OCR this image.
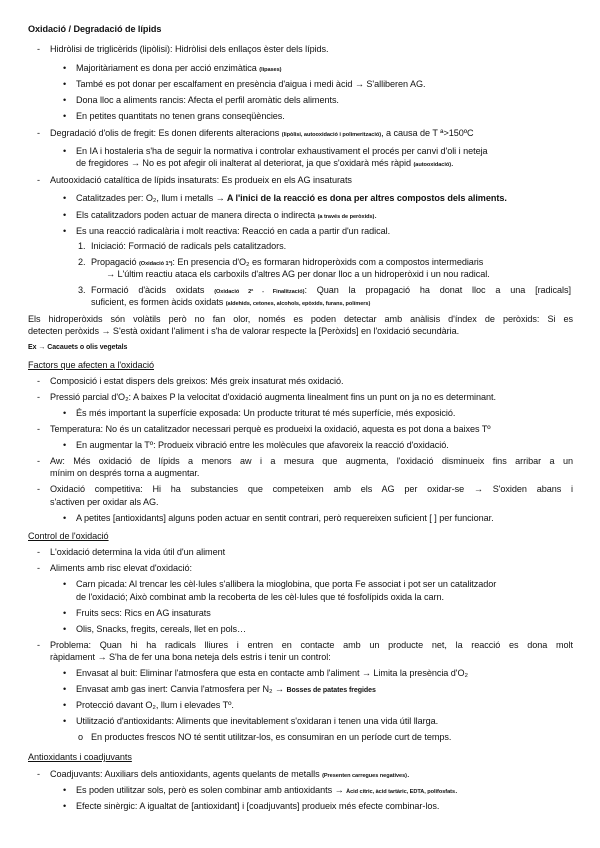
Oxidació / Degradació de lípids
- Hidròlisi de triglicèrids (lipòlisi): Hidròlisi dels enllaços èster dels lípids.
• Majoritàriament es dona per acció enzimàtica (lipases)
• També es pot donar per escalfament en presència d'aigua i medi àcid → S'alliberen AG.
• Dona lloc a aliments rancis: Afecta el perfil aromàtic dels aliments.
• En petites quantitats no tenen grans conseqüències.
- Degradació d'olis de fregit: Es donen diferents alteracions (lipòlisi, autooxidació i polimerització), a causa de T ª>150ºC
• En IA i hostaleria s'ha de seguir la normativa i controlar exhaustivament el procés per canvi d'oli i neteja
de fregidores → No es pot afegir oli inalterat al deteriorat, ja que s'oxidarà més ràpid (autooxidació).
- Autooxidació catalítica de lípids insaturats: Es produeix en els AG insaturats
• Catalitzades per: O₂, llum i metalls → A l'inici de la reacció es dona per altres compostos dels aliments.
• Els catalitzadors poden actuar de manera directa o indirecta (a través de peròxids).
• Es una reacció radicalària i molt reactiva: Reacció en cada a partir d'un radical.
1. Iniciació: Formació de radicals pels catalitzadors.
2. Propagació (Oxidació 1ª): En presencia d'O₂ es formaran hidroperòxids com a compostos intermediaris
→ L'últim reactiu ataca els carboxils d'altres AG per donar lloc a un hidroperòxid i un nou radical.
3. Formació d'àcids oxidats (Oxidació 2ª - Finalització): Quan la propagació ha donat lloc a una [radicals]
suficient, es formen àcids oxidats (aldehids, cetones, alcohols, epòxids, furans, polímers)
Els hidroperòxids són volàtils però no fan olor, només es poden detectar amb anàlisis d'índex de peròxids: Si es
detecten peròxids → S'està oxidant l'aliment i s'ha de valorar respecte la [Peròxids] en l'oxidació secundària.
Ex → Cacauets o olis vegetals
Factors que afecten a l'oxidació
- Composició i estat dispers dels greixos: Més greix insaturat més oxidació.
- Pressió parcial d'O₂: A baixes P la velocitat d'oxidació augmenta linealment fins un punt on ja no es determinant.
• És més important la superfície exposada: Un producte triturat té més superfície, més exposició.
- Temperatura: No és un catalitzador necessari perquè es produeixi la oxidació, aquesta es pot dona a baixes Tº
• En augmentar la Tº: Produeix vibració entre les molècules que afavoreix la reacció d'oxidació.
- Aw: Més oxidació de lípids a menors aw i a mesura que augmenta, l'oxidació disminueix fins arribar a un
mínim on després torna a augmentar.
- Oxidació competitiva: Hi ha substancies que competeixen amb els AG per oxidar-se → S'oxiden abans i
s'activen per oxidar als AG.
• A petites [antioxidants] alguns poden actuar en sentit contrari, però requereixen suficient [ ] per funcionar.
Control de l'oxidació
- L'oxidació determina la vida útil d'un aliment
- Aliments amb risc elevat d'oxidació:
• Carn picada: Al trencar les cèl·lules s'allibera la mioglobina, que porta Fe associat i pot ser un catalitzador
de l'oxidació; Això combinat amb la recoberta de les cèl·lules que té fosfolípids oxida la carn.
• Fruits secs: Rics en AG insaturats
• Olis, Snacks, fregits, cereals, llet en pols…
- Problema: Quan hi ha radicals lliures i entren en contacte amb un producte net, la reacció es dona molt
ràpidament → S'ha de fer una bona neteja dels estris i tenir un control:
• Envasat al buit: Eliminar l'atmosfera que esta en contacte amb l'aliment → Limita la presència d'O₂
• Envasat amb gas inert: Canvia l'atmosfera per N₂ → Bosses de patates fregides
• Protecció davant O₂, llum i elevades Tº.
• Utilització d'antioxidants: Aliments que inevitablement s'oxidaran i tenen una vida útil llarga.
o En productes frescos NO té sentit utilitzar-los, es consumiran en un període curt de temps.
Antioxidants i coadjuvants
- Coadjuvants: Auxiliars dels antioxidants, agents quelants de metalls (Presenten carregues negatives).
• Es poden utilitzar sols, però es solen combinar amb antioxidants → Àcid cítric, àcid tartàric, EDTA, polifosfats.
• Efecte sinèrgic: A igualtat de [antioxidant] i [coadjuvants] produeix més efecte combinar-los.
